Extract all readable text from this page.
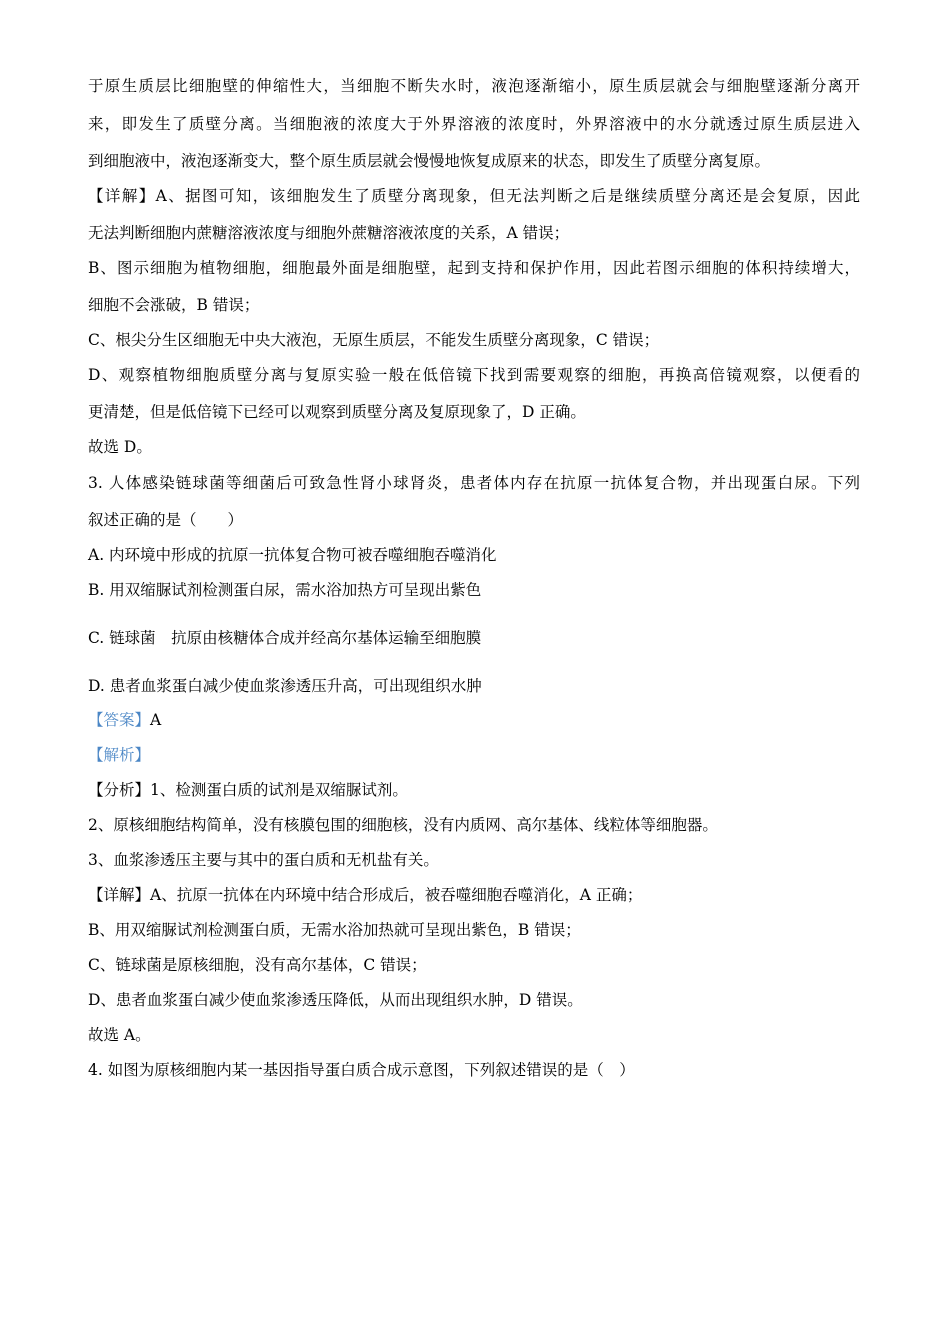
于原生质层比细胞壁的伸缩性大，当细胞不断失水时，液泡逐渐缩小，原生质层就会与细胞壁逐渐分离开
来，即发生了质壁分离。当细胞液的浓度大于外界溶液的浓度时，外界溶液中的水分就透过原生质层进入
到细胞液中，液泡逐渐变大，整个原生质层就会慢慢地恢复成原来的状态，即发生了质壁分离复原。
【详解】A、据图可知，该细胞发生了质壁分离现象，但无法判断之后是继续质壁分离还是会复原，因此
无法判断细胞内蔗糖溶液浓度与细胞外蔗糖溶液浓度的关系，A 错误；
B、图示细胞为植物细胞，细胞最外面是细胞壁，起到支持和保护作用，因此若图示细胞的体积持续增大，
细胞不会涨破，B 错误；
C、根尖分生区细胞无中央大液泡，无原生质层，不能发生质壁分离现象，C 错误；
D、观察植物细胞质壁分离与复原实验一般在低倍镜下找到需要观察的细胞，再换高倍镜观察，以便看的
更清楚，但是低倍镜下已经可以观察到质壁分离及复原现象了，D 正确。
故选 D。
3. 人体感染链球菌等细菌后可致急性肾小球肾炎，患者体内存在抗原一抗体复合物，并出现蛋白尿。下列
叙述正确的是（　　）
A. 内环境中形成的抗原一抗体复合物可被吞噬细胞吞噬消化
B. 用双缩脲试剂检测蛋白尿，需水浴加热方可呈现出紫色
C. 链球菌　抗原由核糖体合成并经高尔基体运输至细胞膜
D. 患者血浆蛋白减少使血浆渗透压升高，可出现组织水肿
【答案】A
【解析】
【分析】1、检测蛋白质的试剂是双缩脲试剂。
2、原核细胞结构简单，没有核膜包围的细胞核，没有内质网、高尔基体、线粒体等细胞器。
3、血浆渗透压主要与其中的蛋白质和无机盐有关。
【详解】A、抗原一抗体在内环境中结合形成后，被吞噬细胞吞噬消化，A 正确；
B、用双缩脲试剂检测蛋白质，无需水浴加热就可呈现出紫色，B 错误；
C、链球菌是原核细胞，没有高尔基体，C 错误；
D、患者血浆蛋白减少使血浆渗透压降低，从而出现组织水肿，D 错误。
故选 A。
4. 如图为原核细胞内某一基因指导蛋白质合成示意图，下列叙述错误的是（　）
